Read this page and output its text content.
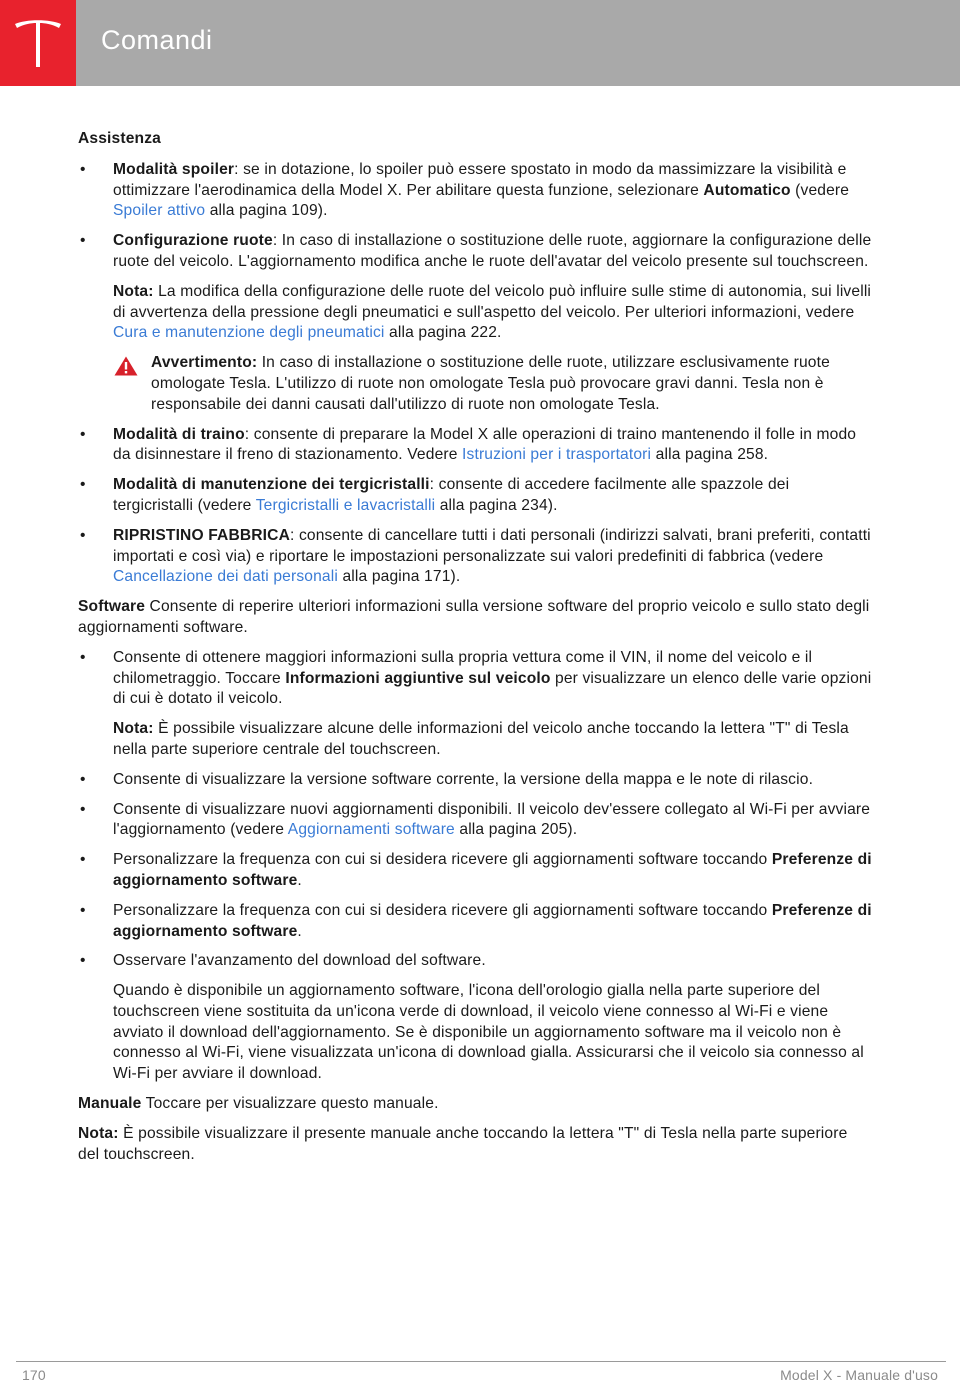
Comandi

Assistenza

• Modalità spoiler: se in dotazione, lo spoiler può essere spostato in modo da massimizzare la visibilità e ottimizzare l'aerodinamica della Model X. Per abilitare questa funzione, selezionare Automatico (vedere Spoiler attivo alla pagina 109).
• Configurazione ruote: In caso di installazione o sostituzione delle ruote, aggiornare la configurazione delle ruote del veicolo. L'aggiornamento modifica anche le ruote dell'avatar del veicolo presente sul touchscreen.
Nota: La modifica della configurazione delle ruote del veicolo può influire sulle stime di autonomia, sui livelli di avvertenza della pressione degli pneumatici e sull'aspetto del veicolo. Per ulteriori informazioni, vedere Cura e manutenzione degli pneumatici alla pagina 222.
Avvertimento: In caso di installazione o sostituzione delle ruote, utilizzare esclusivamente ruote omologate Tesla. L'utilizzo di ruote non omologate Tesla può provocare gravi danni. Tesla non è responsabile dei danni causati dall'utilizzo di ruote non omologate Tesla.
• Modalità di traino: consente di preparare la Model X alle operazioni di traino mantenendo il folle in modo da disinnestare il freno di stazionamento. Vedere Istruzioni per i trasportatori alla pagina 258.
• Modalità di manutenzione dei tergicristalli: consente di accedere facilmente alle spazzole dei tergicristalli (vedere Tergicristalli e lavacristalli alla pagina 234).
• RIPRISTINO FABBRICA: consente di cancellare tutti i dati personali (indirizzi salvati, brani preferiti, contatti importati e così via) e riportare le impostazioni personalizzate sui valori predefiniti di fabbrica (vedere Cancellazione dei dati personali alla pagina 171).

Software Consente di reperire ulteriori informazioni sulla versione software del proprio veicolo e sullo stato degli aggiornamenti software.

• Consente di ottenere maggiori informazioni sulla propria vettura come il VIN, il nome del veicolo e il chilometraggio. Toccare Informazioni aggiuntive sul veicolo per visualizzare un elenco delle varie opzioni di cui è dotato il veicolo.
Nota: È possibile visualizzare alcune delle informazioni del veicolo anche toccando la lettera "T" di Tesla nella parte superiore centrale del touchscreen.
• Consente di visualizzare la versione software corrente, la versione della mappa e le note di rilascio.
• Consente di visualizzare nuovi aggiornamenti disponibili. Il veicolo dev'essere collegato al Wi-Fi per avviare l'aggiornamento (vedere Aggiornamenti software alla pagina 205).
• Personalizzare la frequenza con cui si desidera ricevere gli aggiornamenti software toccando Preferenze di aggiornamento software.
• Personalizzare la frequenza con cui si desidera ricevere gli aggiornamenti software toccando Preferenze di aggiornamento software.
• Osservare l'avanzamento del download del software.
Quando è disponibile un aggiornamento software, l'icona dell'orologio gialla nella parte superiore del touchscreen viene sostituita da un'icona verde di download, il veicolo viene connesso al Wi-Fi e viene avviato il download dell'aggiornamento. Se è disponibile un aggiornamento software ma il veicolo non è connesso al Wi-Fi, viene visualizzata un'icona di download gialla. Assicurarsi che il veicolo sia connesso al Wi-Fi per avviare il download.

Manuale Toccare per visualizzare questo manuale.

Nota: È possibile visualizzare il presente manuale anche toccando la lettera "T" di Tesla nella parte superiore del touchscreen.

170	Model X - Manuale d'uso
